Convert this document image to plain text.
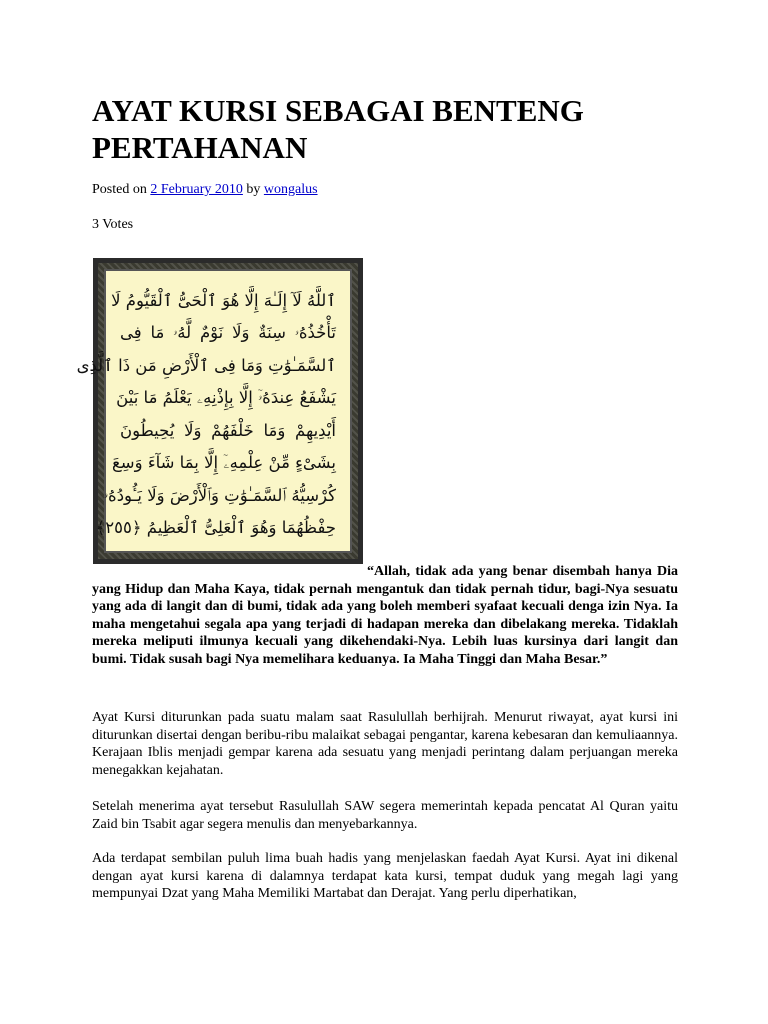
AYAT KURSI SEBAGAI BENTENG PERTAHANAN
Posted on 2 February 2010 by wongalus
3 Votes
ٱللَّهُ لَآ إِلَـٰهَ إِلَّا هُوَ ٱلْحَىُّ ٱلْقَيُّومُ لَا
تَأْخُذُهُۥ سِنَةٌ وَلَا نَوْمٌ لَّهُۥ مَا فِى
ٱلسَّمَـٰوَٰتِ وَمَا فِى ٱلْأَرْضِ مَن ذَا ٱلَّذِى
يَشْفَعُ عِندَهُۥٓ إِلَّا بِإِذْنِهِۦ يَعْلَمُ مَا بَيْنَ
أَيْدِيهِمْ وَمَا خَلْفَهُمْ وَلَا يُحِيطُونَ
بِشَىْءٍ مِّنْ عِلْمِهِۦٓ إِلَّا بِمَا شَآءَ وَسِعَ
كُرْسِيُّهُ ٱلسَّمَـٰوَٰتِ وَٱلْأَرْضَ وَلَا يَـُٔودُهُۥ
حِفْظُهُمَا وَهُوَ ٱلْعَلِىُّ ٱلْعَظِيمُ ﴿٢٥٥﴾

“Allah, tidak ada yang benar disembah hanya Dia yang Hidup dan Maha Kaya, tidak pernah mengantuk dan tidak pernah tidur, bagi-Nya sesuatu yang ada di langit dan di bumi, tidak ada yang boleh memberi syafaat kecuali denga izin Nya. Ia maha mengetahui segala apa yang terjadi di hadapan mereka dan dibelakang mereka. Tidaklah mereka meliputi ilmunya kecuali yang dikehendaki-Nya. Lebih luas kursinya dari langit dan bumi. Tidak susah bagi Nya memelihara keduanya. Ia Maha Tinggi dan Maha Besar.”

Ayat Kursi diturunkan pada suatu malam saat Rasulullah berhijrah. Menurut riwayat, ayat kursi ini diturunkan disertai dengan beribu-ribu malaikat sebagai pengantar, karena kebesaran dan kemuliaannya. Kerajaan Iblis menjadi gempar karena ada sesuatu yang menjadi perintang dalam perjuangan mereka menegakkan kejahatan.

Setelah menerima ayat tersebut Rasulullah SAW segera memerintah kepada pencatat Al Quran yaitu Zaid bin Tsabit agar segera menulis dan menyebarkannya.

Ada terdapat sembilan puluh lima buah hadis yang menjelaskan faedah Ayat Kursi. Ayat ini dikenal dengan ayat kursi karena di dalamnya terdapat kata kursi, tempat duduk yang megah lagi yang mempunyai Dzat yang Maha Memiliki Martabat dan Derajat. Yang perlu diperhatikan,
